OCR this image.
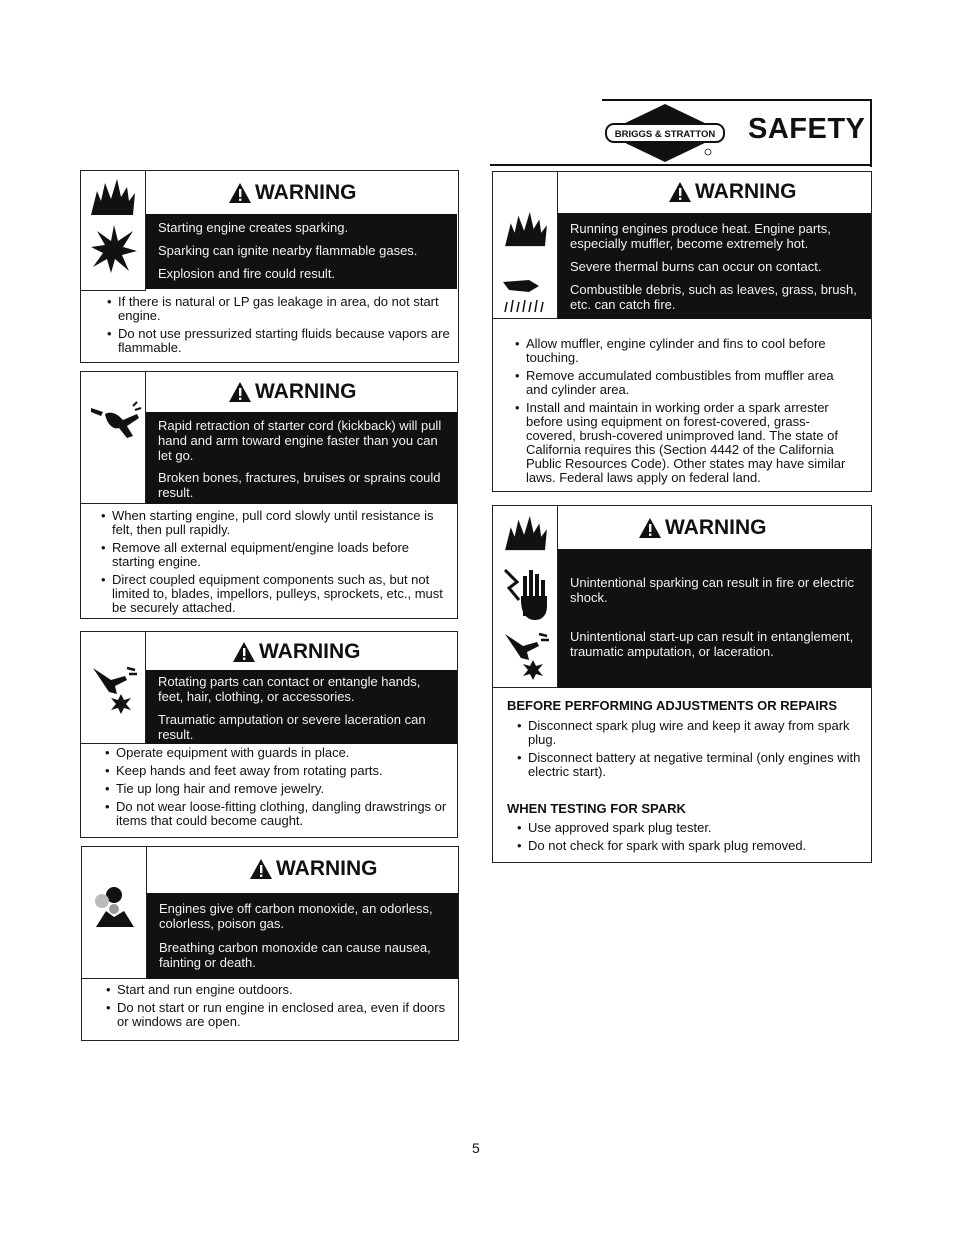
BRIGGS & STRATTON SAFETY
WARNING
Starting engine creates sparking.
Sparking can ignite nearby flammable gases.
Explosion and fire could result.
• If there is natural or LP gas leakage in area, do not start engine.
• Do not use pressurized starting fluids because vapors are flammable.
WARNING
Rapid retraction of starter cord (kickback) will pull hand and arm toward engine faster than you can let go.
Broken bones, fractures, bruises or sprains could result.
• When starting engine, pull cord slowly until resistance is felt, then pull rapidly.
• Remove all external equipment/engine loads before starting engine.
• Direct coupled equipment components such as, but not limited to, blades, impellors, pulleys, sprockets, etc., must be securely attached.
WARNING
Rotating parts can contact or entangle hands, feet, hair, clothing, or accessories.
Traumatic amputation or severe laceration can result.
• Operate equipment with guards in place.
• Keep hands and feet away from rotating parts.
• Tie up long hair and remove jewelry.
• Do not wear loose-fitting clothing, dangling drawstrings or items that could become caught.
WARNING
Engines give off carbon monoxide, an odorless, colorless, poison gas.
Breathing carbon monoxide can cause nausea, fainting or death.
• Start and run engine outdoors.
• Do not start or run engine in enclosed area, even if doors or windows are open.
WARNING
Running engines produce heat. Engine parts, especially muffler, become extremely hot.
Severe thermal burns can occur on contact.
Combustible debris, such as leaves, grass, brush, etc. can catch fire.
• Allow muffler, engine cylinder and fins to cool before touching.
• Remove accumulated combustibles from muffler area and cylinder area.
• Install and maintain in working order a spark arrester before using equipment on forest-covered, grass-covered, brush-covered unimproved land. The state of California requires this (Section 4442 of the California Public Resources Code). Other states may have similar laws. Federal laws apply on federal land.
WARNING
Unintentional sparking can result in fire or electric shock.
Unintentional start-up can result in entanglement, traumatic amputation, or laceration.
BEFORE PERFORMING ADJUSTMENTS OR REPAIRS
• Disconnect spark plug wire and keep it away from spark plug.
• Disconnect battery at negative terminal (only engines with electric start).
WHEN TESTING FOR SPARK
• Use approved spark plug tester.
• Do not check for spark with spark plug removed.
5
